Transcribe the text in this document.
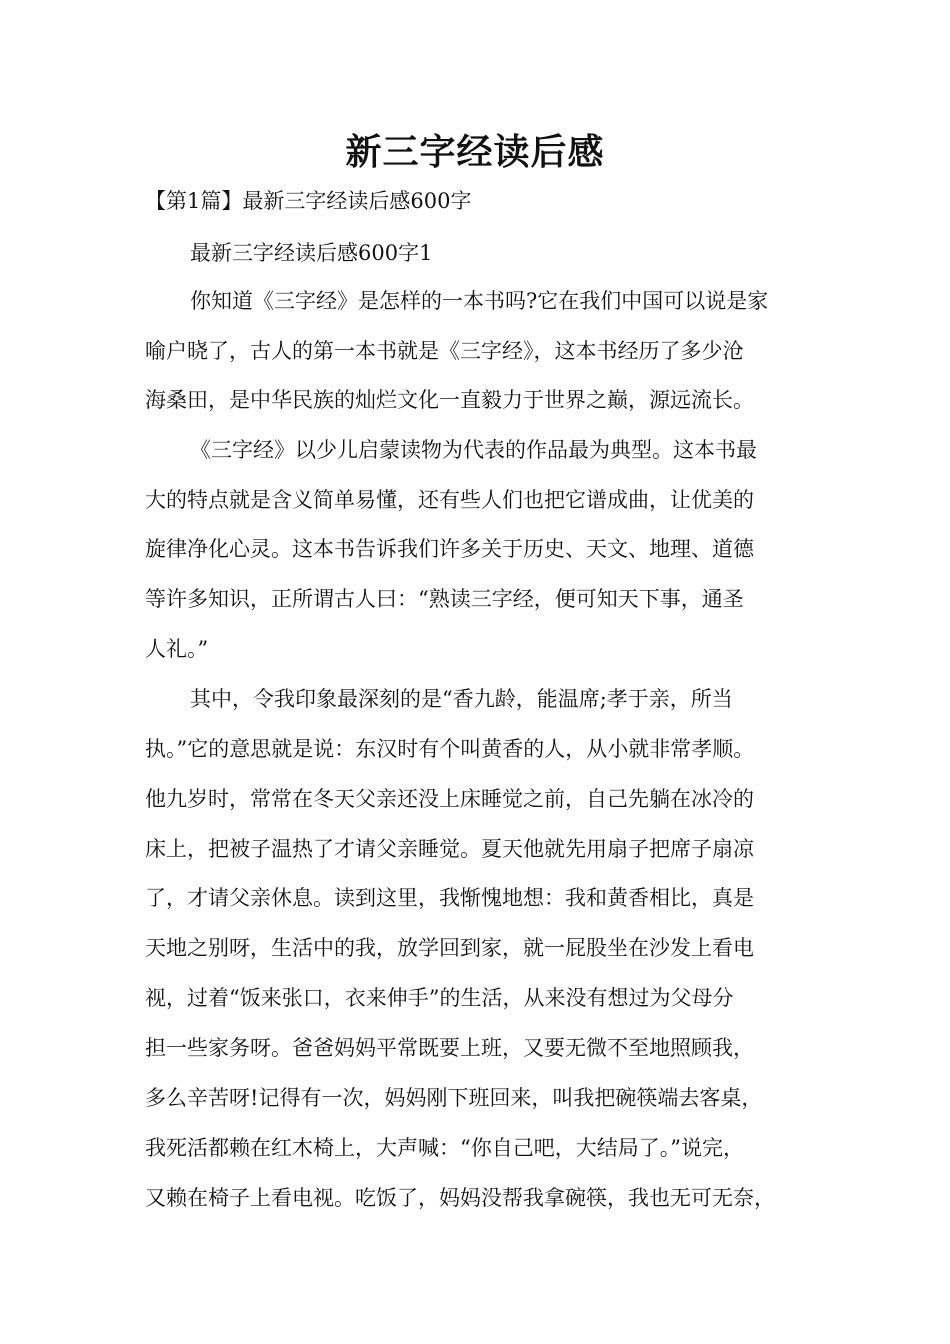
新三字经读后感

【第1篇】最新三字经读后感600字

最新三字经读后感600字1

你知道《三字经》是怎样的一本书吗?它在我们中国可以说是家

喻户晓了，古人的第一本书就是《三字经》，这本书经历了多少沧

海桑田，是中华民族的灿烂文化一直毅力于世界之巅，源远流长。

《三字经》以少儿启蒙读物为代表的作品最为典型。这本书最

大的特点就是含义简单易懂，还有些人们也把它谱成曲，让优美的

旋律净化心灵。这本书告诉我们许多关于历史、天文、地理、道德

等许多知识，正所谓古人曰：“熟读三字经，便可知天下事，通圣

人礼。”

其中，令我印象最深刻的是“香九龄，能温席;孝于亲，所当

执。”它的意思就是说：东汉时有个叫黄香的人，从小就非常孝顺。

他九岁时，常常在冬天父亲还没上床睡觉之前，自己先躺在冰冷的

床上，把被子温热了才请父亲睡觉。夏天他就先用扇子把席子扇凉

了，才请父亲休息。读到这里，我惭愧地想：我和黄香相比，真是

天地之别呀，生活中的我，放学回到家，就一屁股坐在沙发上看电

视，过着“饭来张口，衣来伸手”的生活，从来没有想过为父母分

担一些家务呀。爸爸妈妈平常既要上班，又要无微不至地照顾我，

多么辛苦呀!记得有一次，妈妈刚下班回来，叫我把碗筷端去客桌，

我死活都赖在红木椅上，大声喊：“你自己吧，大结局了。”说完，

又赖在椅子上看电视。吃饭了，妈妈没帮我拿碗筷，我也无可无奈，
